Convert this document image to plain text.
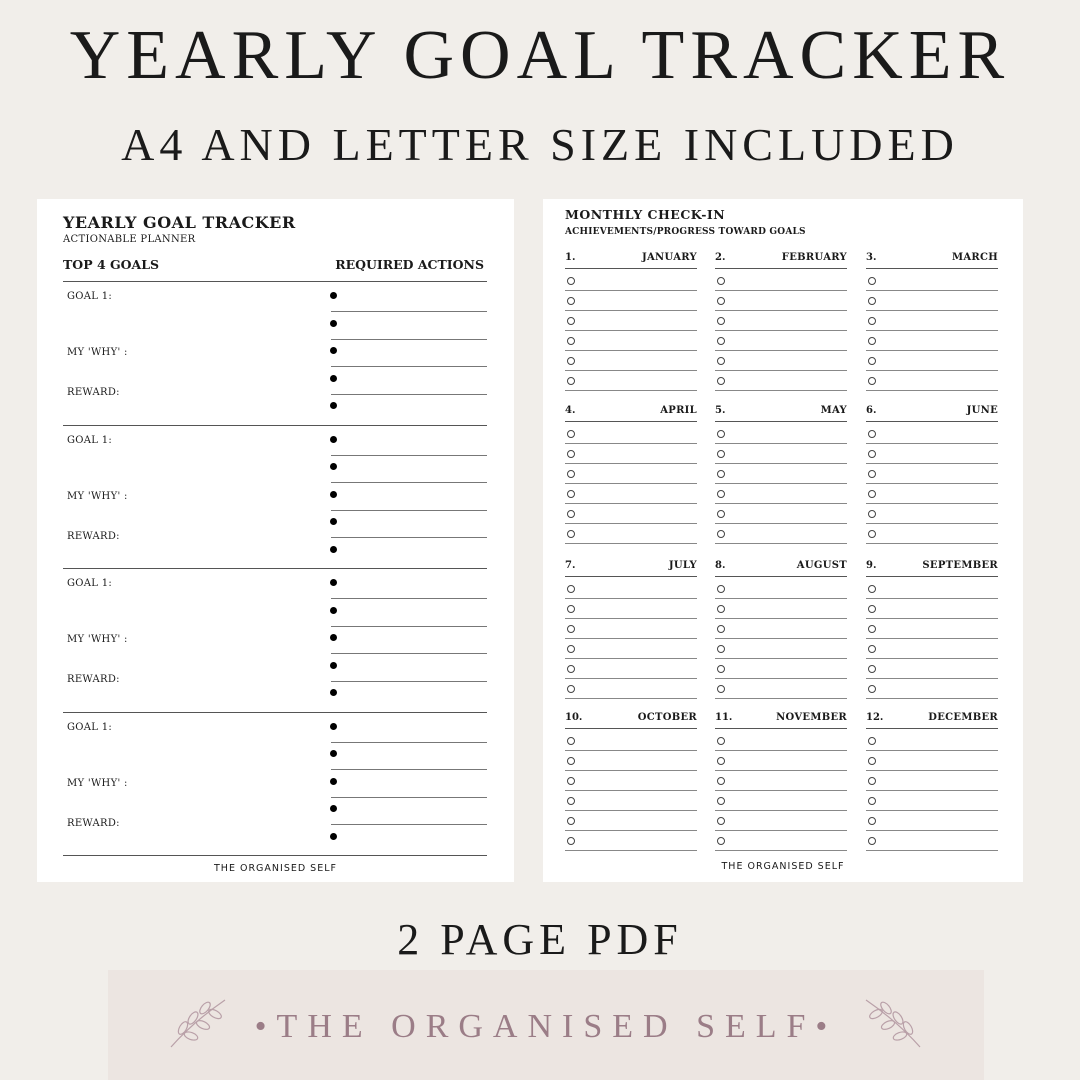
YEARLY GOAL TRACKER
A4 AND LETTER SIZE INCLUDED
YEARLY GOAL TRACKER
ACTIONABLE PLANNER
TOP 4 GOALS	REQUIRED ACTIONS
GOAL 1:
MY 'WHY' :
REWARD:
GOAL 1:
MY 'WHY' :
REWARD:
GOAL 1:
MY 'WHY' :
REWARD:
GOAL 1:
MY 'WHY' :
REWARD:
THE ORGANISED SELF
MONTHLY CHECK-IN
ACHIEVEMENTS/PROGRESS TOWARD GOALS
1.	JANUARY 2.	FEBRUARY 3.	MARCH
4.	APRIL 5.	MAY 6.	JUNE
7.	JULY 8.	AUGUST 9.	SEPTEMBER
10.	OCTOBER 11.	NOVEMBER 12.	DECEMBER
THE ORGANISED SELF
2 PAGE PDF
•THE ORGANISED SELF•
